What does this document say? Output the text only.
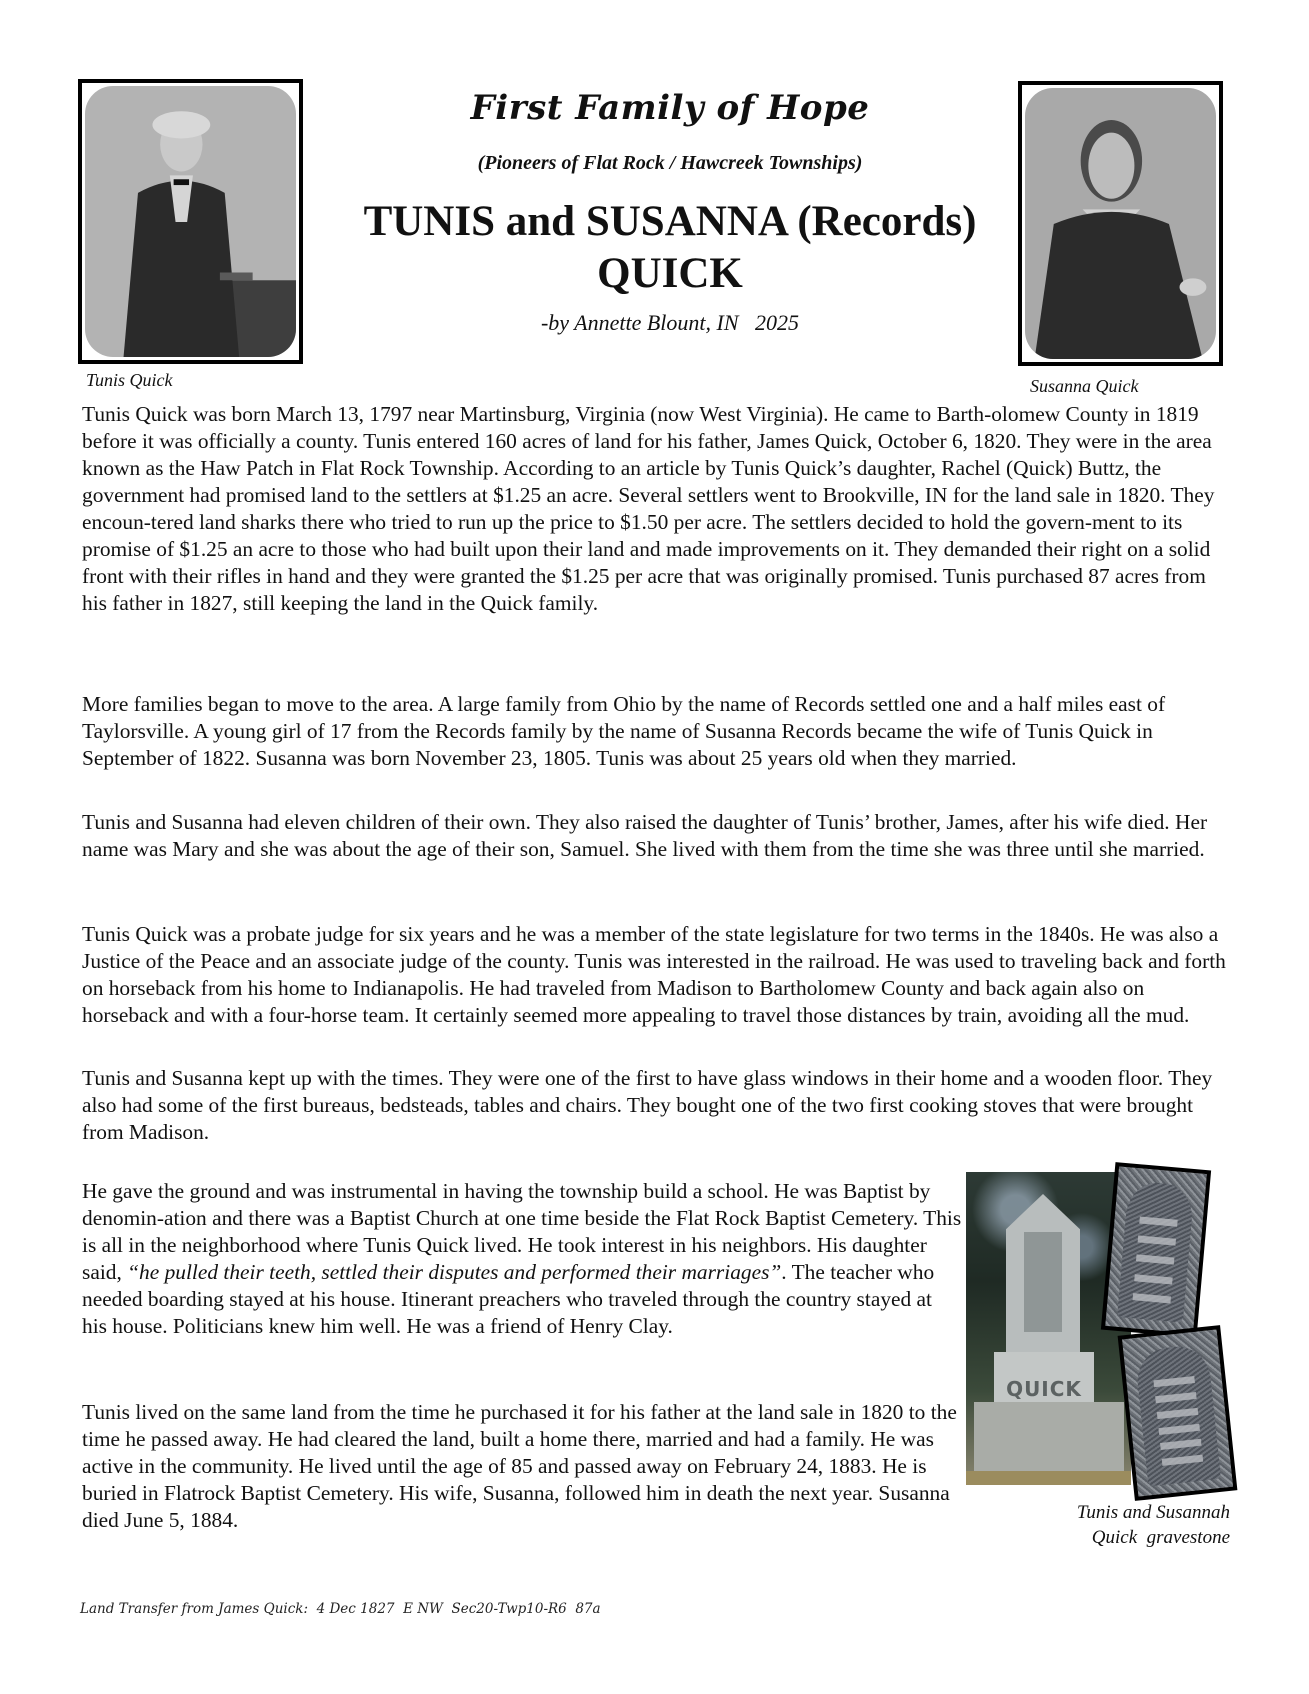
Tunis Quick
First Family of Hope
(Pioneers of Flat Rock / Hawcreek Townships)
TUNIS and SUSANNA (Records)
QUICK
-by Annette Blount, IN 2025
Susanna Quick

Tunis Quick was born March 13, 1797 near Martinsburg, Virginia (now West Virginia). He came to Barth-olomew County in 1819 before it was officially a county. Tunis entered 160 acres of land for his father, James Quick, October 6, 1820. They were in the area known as the Haw Patch in Flat Rock Township. According to an article by Tunis Quick’s daughter, Rachel (Quick) Buttz, the government had promised land to the settlers at $1.25 an acre. Several settlers went to Brookville, IN for the land sale in 1820. They encoun-tered land sharks there who tried to run up the price to $1.50 per acre. The settlers decided to hold the govern-ment to its promise of $1.25 an acre to those who had built upon their land and made improvements on it. They demanded their right on a solid front with their rifles in hand and they were granted the $1.25 per acre that was originally promised. Tunis purchased 87 acres from his father in 1827, still keeping the land in the Quick family.

More families began to move to the area. A large family from Ohio by the name of Records settled one and a half miles east of Taylorsville. A young girl of 17 from the Records family by the name of Susanna Records became the wife of Tunis Quick in September of 1822. Susanna was born November 23, 1805. Tunis was about 25 years old when they married.

Tunis and Susanna had eleven children of their own. They also raised the daughter of Tunis’ brother, James, after his wife died. Her name was Mary and she was about the age of their son, Samuel. She lived with them from the time she was three until she married.

Tunis Quick was a probate judge for six years and he was a member of the state legislature for two terms in the 1840s. He was also a Justice of the Peace and an associate judge of the county. Tunis was interested in the railroad. He was used to traveling back and forth on horseback from his home to Indianapolis. He had traveled from Madison to Bartholomew County and back again also on horseback and with a four-horse team. It certainly seemed more appealing to travel those distances by train, avoiding all the mud.

Tunis and Susanna kept up with the times. They were one of the first to have glass windows in their home and a wooden floor. They also had some of the first bureaus, bedsteads, tables and chairs. They bought one of the two first cooking stoves that were brought from Madison.

He gave the ground and was instrumental in having the township build a school. He was Baptist by denomin-ation and there was a Baptist Church at one time beside the Flat Rock Baptist Cemetery. This is all in the neighborhood where Tunis Quick lived. He took interest in his neighbors. His daughter said, “he pulled their teeth, settled their disputes and performed their marriages”. The teacher who needed boarding stayed at his house. Itinerant preachers who traveled through the country stayed at his house. Politicians knew him well. He was a friend of Henry Clay.

Tunis lived on the same land from the time he purchased it for his father at the land sale in 1820 to the time he passed away. He had cleared the land, built a home there, married and had a family. He was active in the community. He lived until the age of 85 and passed away on February 24, 1883. He is buried in Flatrock Baptist Cemetery. His wife, Susanna, followed him in death the next year. Susanna died June 5, 1884.

QUICK
Tunis and Susannah
Quick  gravestone
Land Transfer from James Quick:  4 Dec 1827  E NW  Sec20-Twp10-R6  87a
